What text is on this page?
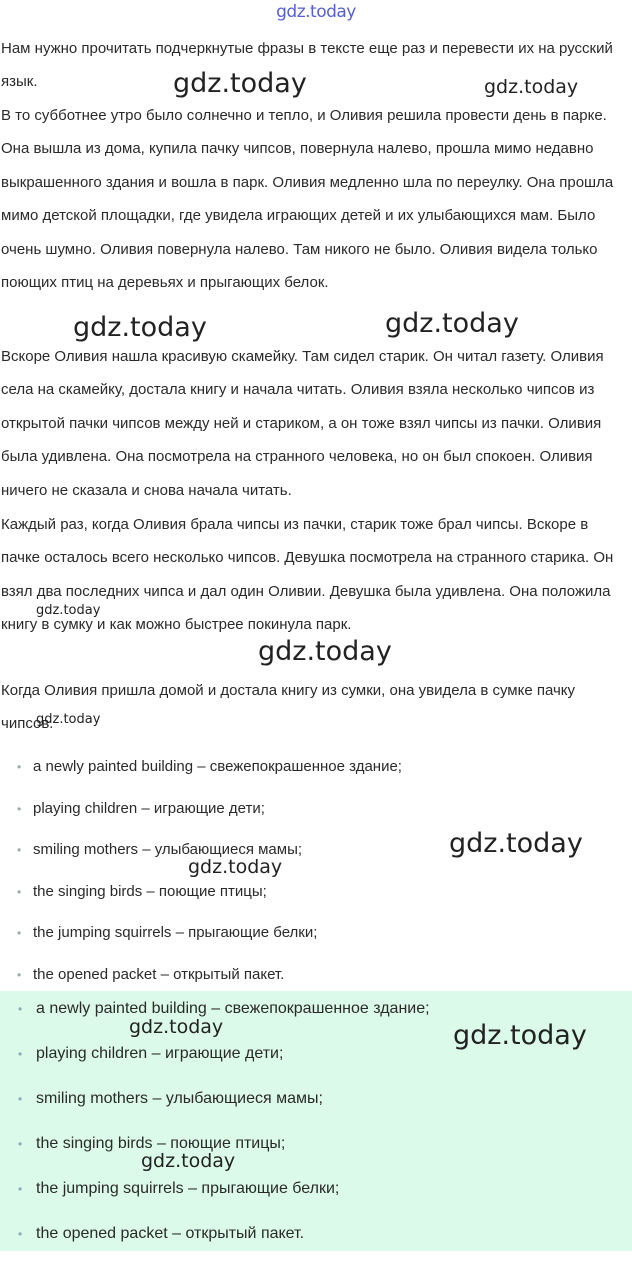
gdz.today

Нам нужно прочитать подчеркнутые фразы в тексте еще раз и перевести их на русский язык.

В то субботнее утро было солнечно и тепло, и Оливия решила провести день в парке. Она вышла из дома, купила пачку чипсов, повернула налево, прошла мимо недавно выкрашенного здания и вошла в парк. Оливия медленно шла по переулку. Она прошла мимо детской площадки, где увидела играющих детей и их улыбающихся мам. Было очень шумно. Оливия повернула налево. Там никого не было. Оливия видела только поющих птиц на деревьях и прыгающих белок.

Вскоре Оливия нашла красивую скамейку. Там сидел старик. Он читал газету. Оливия села на скамейку, достала книгу и начала читать. Оливия взяла несколько чипсов из открытой пачки чипсов между ней и стариком, а он тоже взял чипсы из пачки. Оливия была удивлена. Она посмотрела на странного человека, но он был спокоен. Оливия ничего не сказала и снова начала читать.

Каждый раз, когда Оливия брала чипсы из пачки, старик тоже брал чипсы. Вскоре в пачке осталось всего несколько чипсов. Девушка посмотрела на странного старика. Он взял два последних чипса и дал один Оливии. Девушка была удивлена. Она положила книгу в сумку и как можно быстрее покинула парк.

Когда Оливия пришла домой и достала книгу из сумки, она увидела в сумке пачку чипсов.

• a newly painted building – свежепокрашенное здание;
• playing children – играющие дети;
• smiling mothers – улыбающиеся мамы;
• the singing birds – поющие птицы;
• the jumping squirrels – прыгающие белки;
• the opened packet – открытый пакет.
• a newly painted building – свежепокрашенное здание;
• playing children – играющие дети;
• smiling mothers – улыбающиеся мамы;
• the singing birds – поющие птицы;
• the jumping squirrels – прыгающие белки;
• the opened packet – открытый пакет.
gdz.today	gdz.today
gdz.today	gdz.today
gdz.today
gdz.today
gdz.today
gdz.today
gdz.today
gdz.today	gdz.today
gdz.today
